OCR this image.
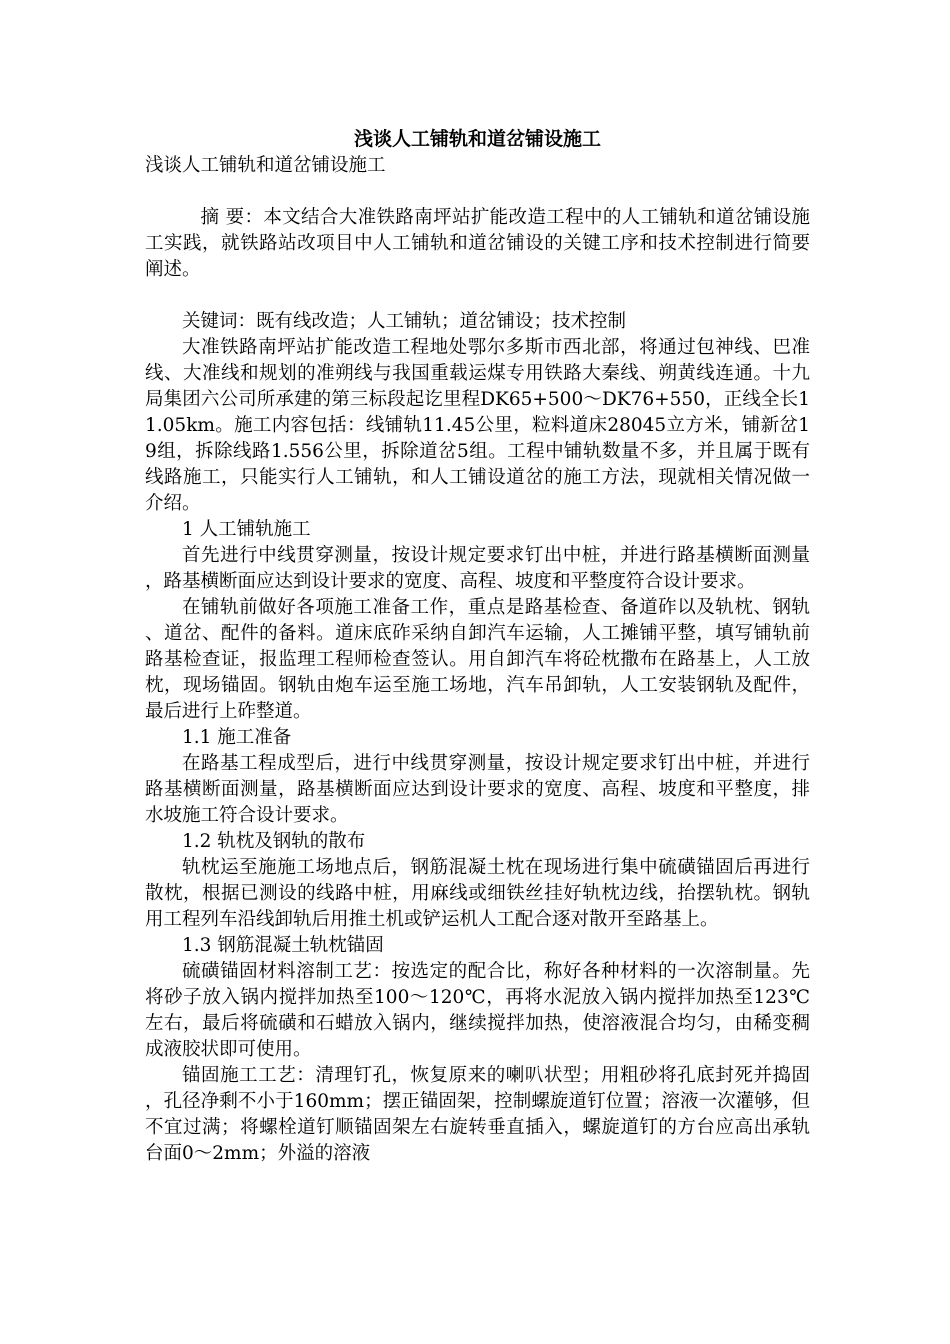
浅谈人工铺轨和道岔铺设施工

浅谈人工铺轨和道岔铺设施工

摘 要：本文结合大准铁路南坪站扩能改造工程中的人工铺轨和道岔铺设施工实践，就铁路站改项目中人工铺轨和道岔铺设的关键工序和技术控制进行简要阐述。

关键词：既有线改造；人工铺轨；道岔铺设；技术控制

大准铁路南坪站扩能改造工程地处鄂尔多斯市西北部，将通过包神线、巴准线、大准线和规划的准朔线与我国重载运煤专用铁路大秦线、朔黄线连通。十九局集团六公司所承建的第三标段起讫里程DK65+500～DK76+550，正线全长11.05km。施工内容包括：线铺轨11.45公里，粒料道床28045立方米，铺新岔19组，拆除线路1.556公里，拆除道岔5组。工程中铺轨数量不多，并且属于既有线路施工，只能实行人工铺轨，和人工铺设道岔的施工方法，现就相关情况做一介绍。

1 人工铺轨施工

首先进行中线贯穿测量，按设计规定要求钉出中桩，并进行路基横断面测量，路基横断面应达到设计要求的宽度、高程、坡度和平整度符合设计要求。

在铺轨前做好各项施工准备工作，重点是路基检查、备道砟以及轨枕、钢轨、道岔、配件的备料。道床底砟采纳自卸汽车运输，人工摊铺平整，填写铺轨前路基检查证，报监理工程师检查签认。用自卸汽车将砼枕撒布在路基上，人工放枕，现场锚固。钢轨由炮车运至施工场地，汽车吊卸轨，人工安装钢轨及配件，最后进行上砟整道。

1.1 施工准备

在路基工程成型后，进行中线贯穿测量，按设计规定要求钉出中桩，并进行路基横断面测量，路基横断面应达到设计要求的宽度、高程、坡度和平整度，排水坡施工符合设计要求。

1.2 轨枕及钢轨的散布

轨枕运至施施工场地点后，钢筋混凝土枕在现场进行集中硫磺锚固后再进行散枕，根据已测设的线路中桩，用麻线或细铁丝挂好轨枕边线，抬摆轨枕。钢轨用工程列车沿线卸轨后用推土机或铲运机人工配合逐对散开至路基上。

1.3 钢筋混凝土轨枕锚固

硫磺锚固材料溶制工艺：按选定的配合比，称好各种材料的一次溶制量。先将砂子放入锅内搅拌加热至100～120℃，再将水泥放入锅内搅拌加热至123℃左右，最后将硫磺和石蜡放入锅内，继续搅拌加热，使溶液混合均匀，由稀变稠成液胶状即可使用。

锚固施工工艺：清理钉孔，恢复原来的喇叭状型；用粗砂将孔底封死并捣固，孔径净剩不小于160mm；摆正锚固架，控制螺旋道钉位置；溶液一次灌够，但不宜过满；将螺栓道钉顺锚固架左右旋转垂直插入，螺旋道钉的方台应高出承轨台面0～2mm；外溢的溶液
